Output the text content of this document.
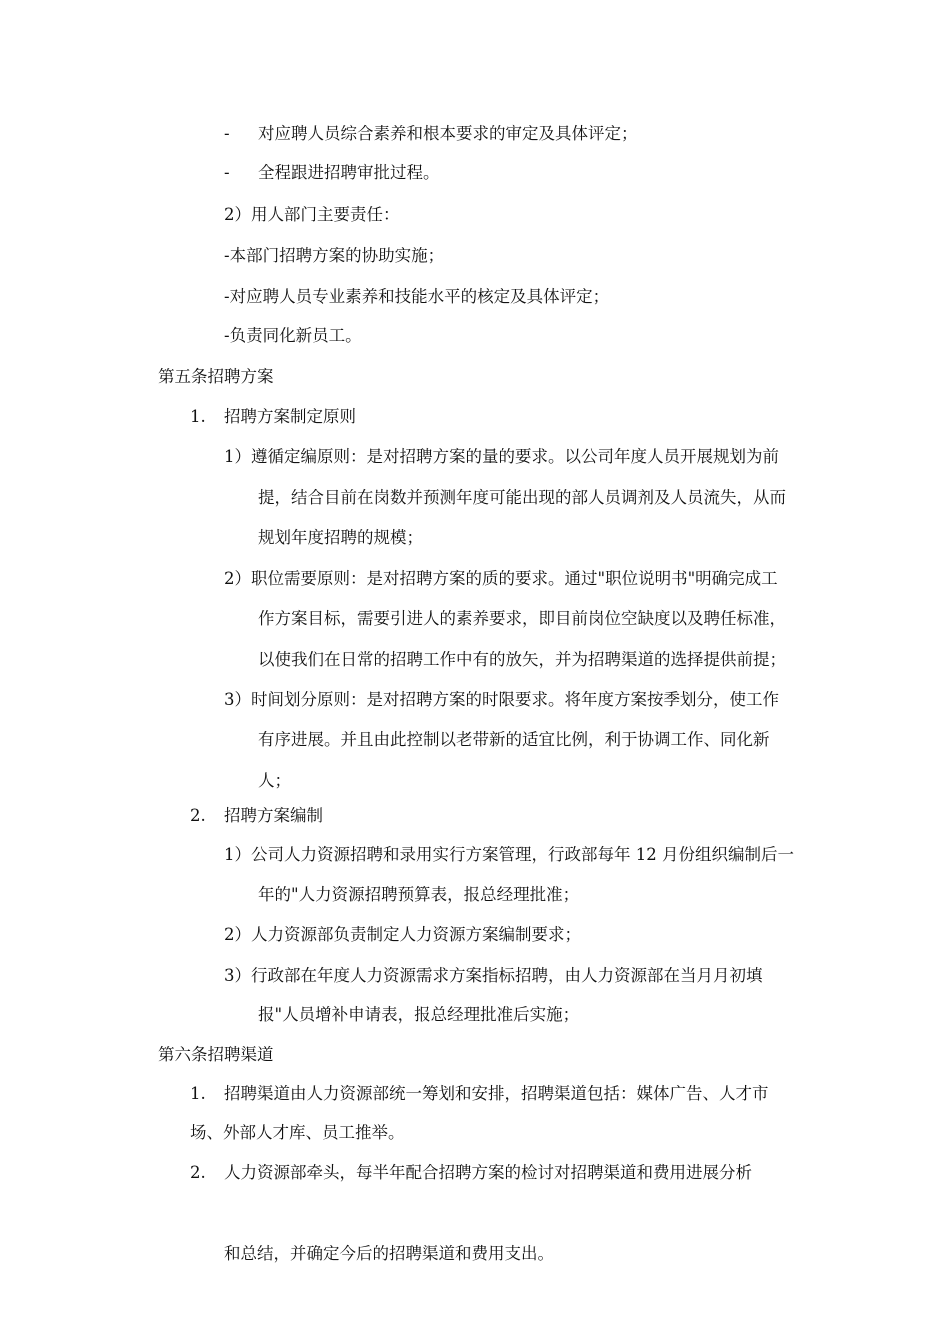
- 对应聘人员综合素养和根本要求的审定及具体评定；
- 全程跟进招聘审批过程。
2）用人部门主要责任：
-本部门招聘方案的协助实施；
-对应聘人员专业素养和技能水平的核定及具体评定；
-负责同化新员工。
第五条招聘方案
1. 招聘方案制定原则
1）遵循定编原则：是对招聘方案的量的要求。以公司年度人员开展规划为前
提，结合目前在岗数并预测年度可能出现的部人员调剂及人员流失，从而
规划年度招聘的规模；
2）职位需要原则：是对招聘方案的质的要求。通过"职位说明书"明确完成工
作方案目标，需要引进人的素养要求，即目前岗位空缺度以及聘任标准，
以使我们在日常的招聘工作中有的放矢，并为招聘渠道的选择提供前提；
3）时间划分原则：是对招聘方案的时限要求。将年度方案按季划分，使工作
有序进展。并且由此控制以老带新的适宜比例，利于协调工作、同化新
人；
2. 招聘方案编制
1）公司人力资源招聘和录用实行方案管理，行政部每年 12 月份组织编制后一
年的"人力资源招聘预算表，报总经理批准；
2）人力资源部负责制定人力资源方案编制要求；
3）行政部在年度人力资源需求方案指标招聘，由人力资源部在当月月初填
报"人员增补申请表，报总经理批准后实施；
第六条招聘渠道
1. 招聘渠道由人力资源部统一筹划和安排，招聘渠道包括：媒体广告、人才市
场、外部人才库、员工推举。
2. 人力资源部牵头，每半年配合招聘方案的检讨对招聘渠道和费用进展分析
和总结，并确定今后的招聘渠道和费用支出。
